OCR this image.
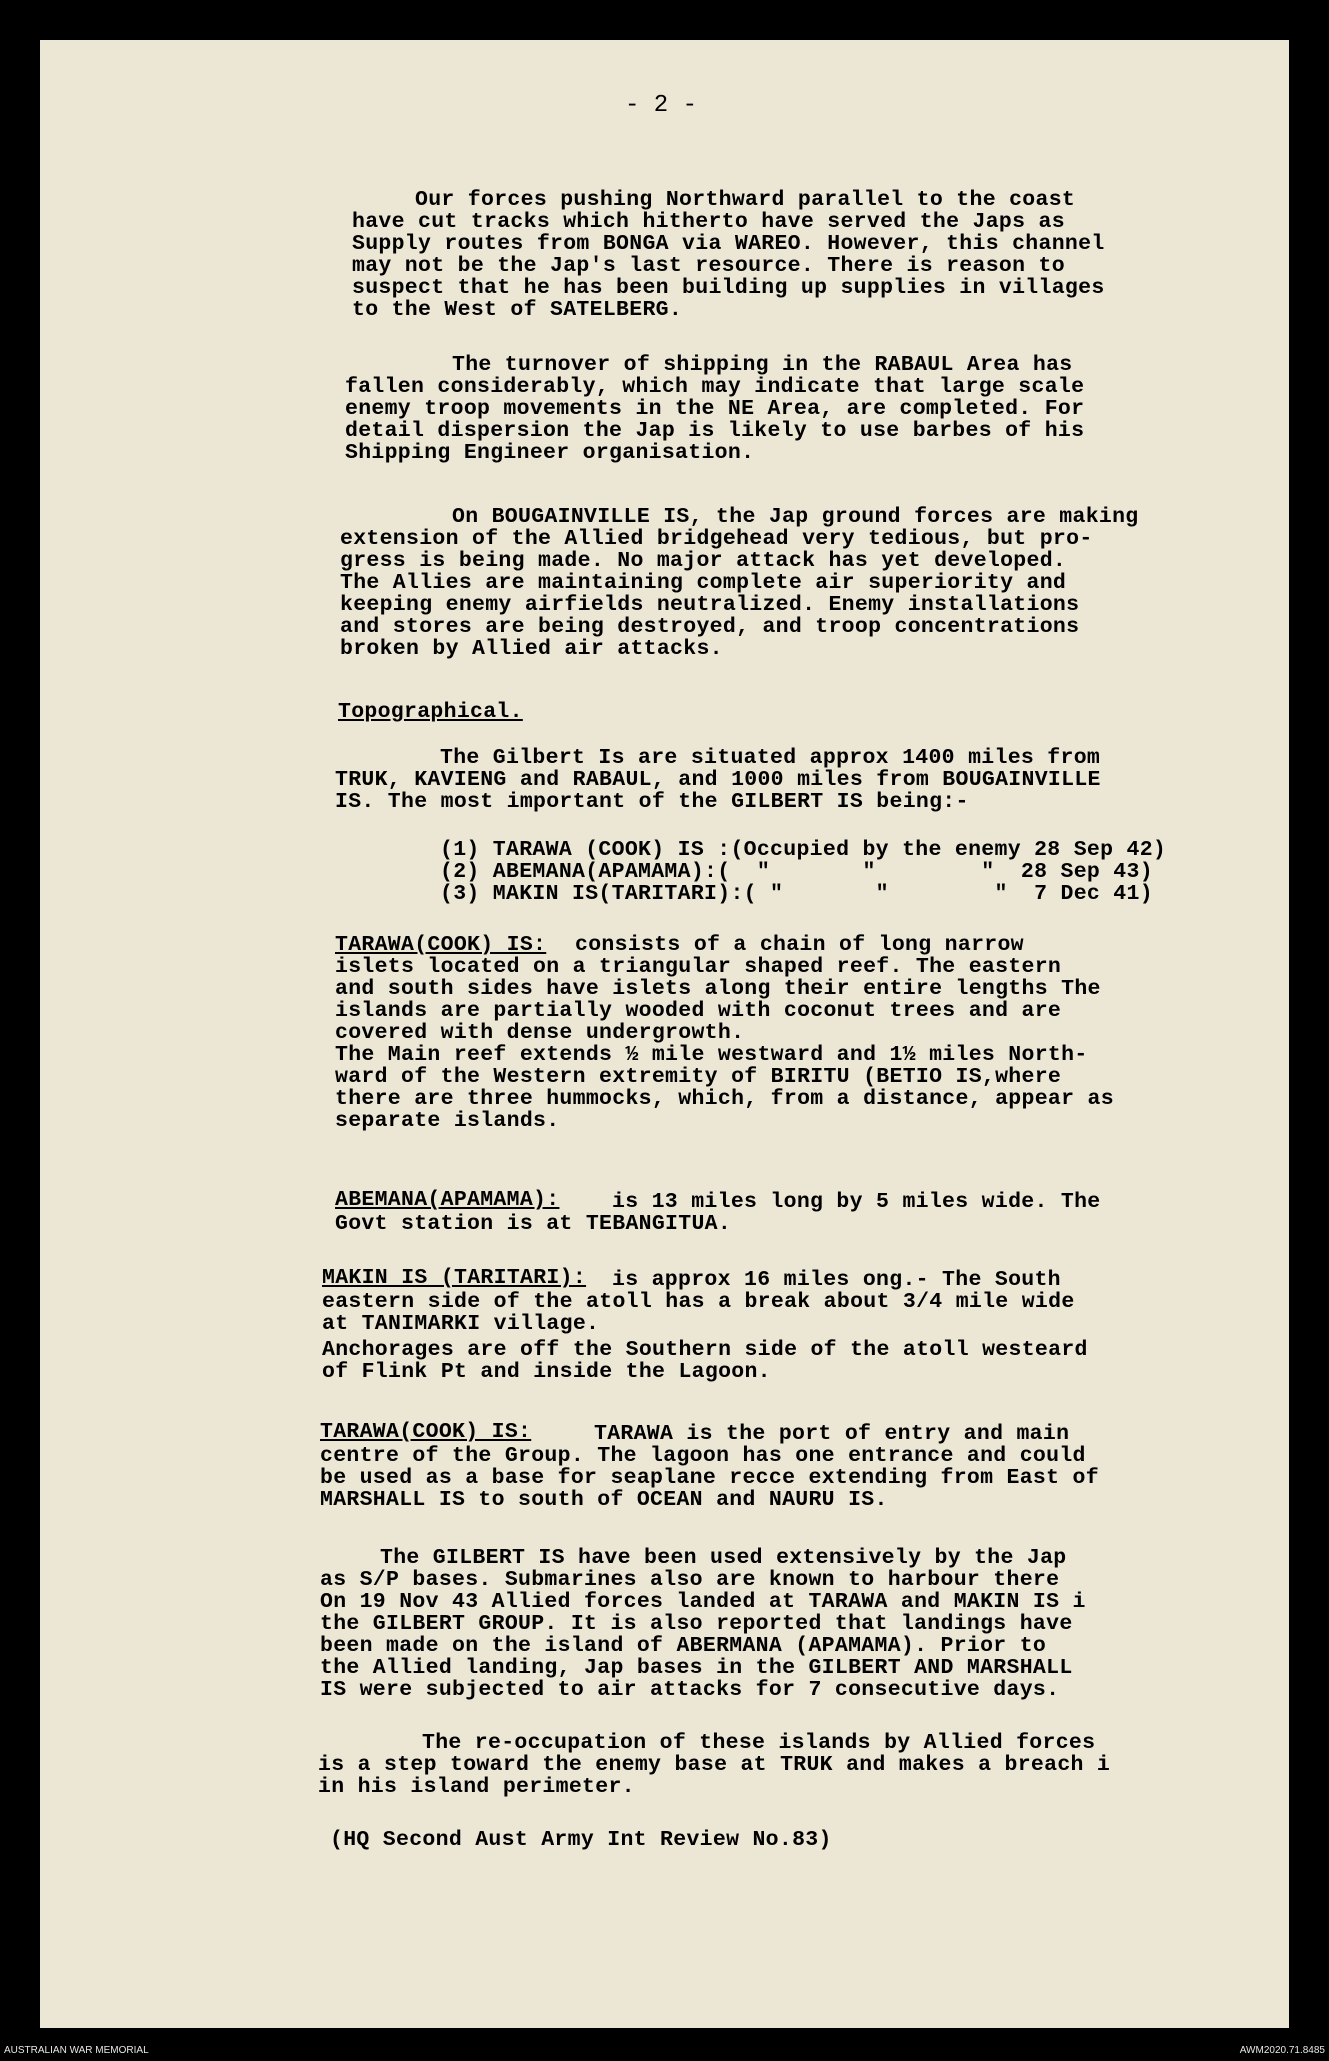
- 2 -
Our forces pushing Northward parallel to the coast
have cut tracks which hitherto have served the Japs as
Supply routes from BONGA via WAREO. However, this channel
may not be the Jap's last resource. There is reason to
suspect that he has been building up supplies in villages
to the West of SATELBERG.
The turnover of shipping in the RABAUL Area has
fallen considerably, which may indicate that large scale
enemy troop movements in the NE Area, are completed. For
detail dispersion the Jap is likely to use barbes of his
Shipping Engineer organisation.
On BOUGAINVILLE IS, the Jap ground forces are making
extension of the Allied bridgehead very tedious, but pro-
gress is being made. No major attack has yet developed.
The Allies are maintaining complete air superiority and
keeping enemy airfields neutralized. Enemy installations
and stores are being destroyed, and troop concentrations
broken by Allied air attacks.
Topographical.
The Gilbert Is are situated approx 1400 miles from
TRUK, KAVIENG and RABAUL, and 1000 miles from BOUGAINVILLE
IS. The most important of the GILBERT IS being:-
(1) TARAWA (COOK) IS :(Occupied by the enemy 28 Sep 42)
(2) ABEMANA(APAMAMA):(  "       "        "  28 Sep 43)
(3) MAKIN IS(TARITARI):( "       "        "  7 Dec 41)
TARAWA(COOK) IS: consists of a chain of long narrow
islets located on a triangular shaped reef. The eastern
and south sides have islets along their entire lengths The
islands are partially wooded with coconut trees and are
covered with dense undergrowth.
The Main reef extends ½ mile westward and 1½ miles North-
ward of the Western extremity of BIRITU (BETIO IS,where
there are three hummocks, which, from a distance, appear as
separate islands.
ABEMANA(APAMAMA): is 13 miles long by 5 miles wide. The
Govt station is at TEBANGITUA.
MAKIN IS (TARITARI): is approx 16 miles ong.- The South
eastern side of the atoll has a break about 3/4 mile wide
at TANIMARKI village.
Anchorages are off the Southern side of the atoll westeard
of Flink Pt and inside the Lagoon.
TARAWA(COOK) IS:	TARAWA is the port of entry and main
centre of the Group. The lagoon has one entrance and could
be used as a base for seaplane recce extending from East of
MARSHALL IS to south of OCEAN and NAURU IS.
The GILBERT IS have been used extensively by the Jap
as S/P bases. Submarines also are known to harbour there
On 19 Nov 43 Allied forces landed at TARAWA and MAKIN IS i
the GILBERT GROUP. It is also reported that landings have
been made on the island of ABERMANA (APAMAMA). Prior to
the Allied landing, Jap bases in the GILBERT AND MARSHALL
IS were subjected to air attacks for 7 consecutive days.
The re-occupation of these islands by Allied forces
is a step toward the enemy base at TRUK and makes a breach i
in his island perimeter.
(HQ Second Aust Army Int Review No.83)
AUSTRALIAN WAR MEMORIAL	AWM2020.71.8485
